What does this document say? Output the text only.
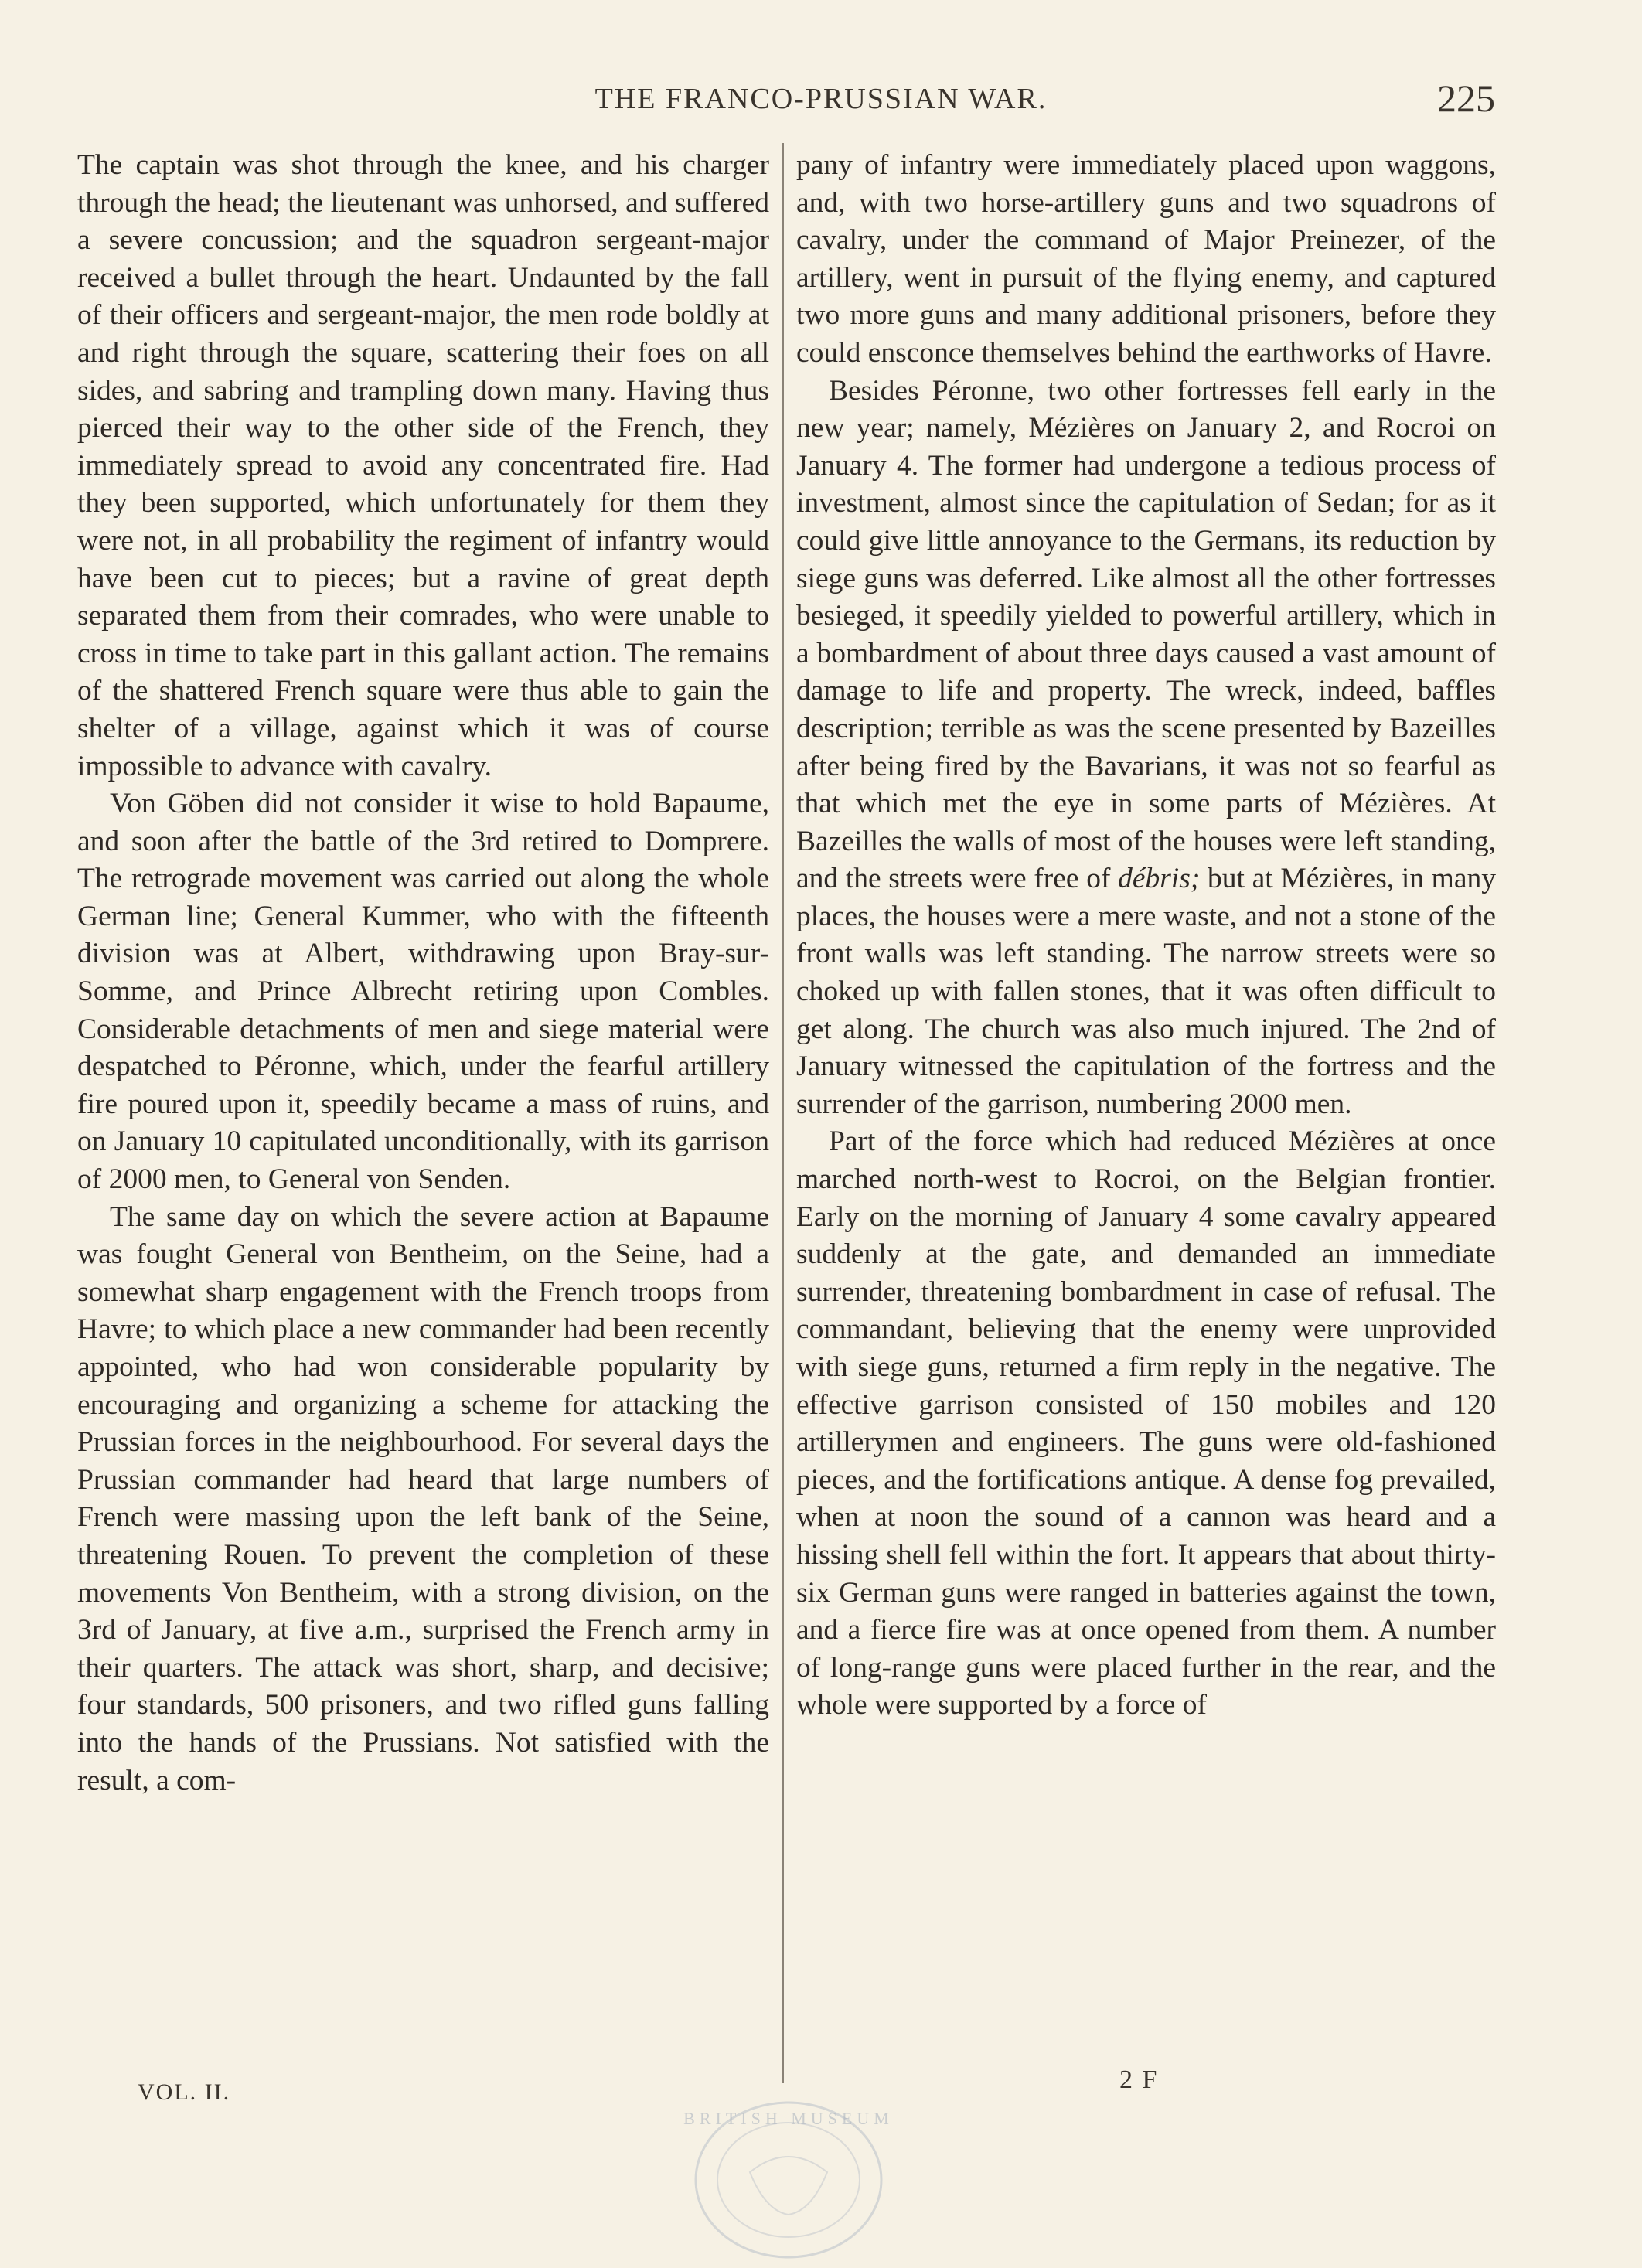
THE FRANCO-PRUSSIAN WAR.	225

The captain was shot through the knee, and his charger through the head; the lieutenant was unhorsed, and suffered a severe concussion; and the squadron sergeant-major received a bullet through the heart. Undaunted by the fall of their officers and sergeant-major, the men rode boldly at and right through the square, scattering their foes on all sides, and sabring and trampling down many. Having thus pierced their way to the other side of the French, they immediately spread to avoid any concentrated fire. Had they been supported, which unfortunately for them they were not, in all probability the regiment of infantry would have been cut to pieces; but a ravine of great depth separated them from their comrades, who were unable to cross in time to take part in this gallant action. The remains of the shattered French square were thus able to gain the shelter of a village, against which it was of course impossible to advance with cavalry.

Von Göben did not consider it wise to hold Bapaume, and soon after the battle of the 3rd retired to Domprere. The retrograde movement was carried out along the whole German line; General Kummer, who with the fifteenth division was at Albert, withdrawing upon Bray-sur-Somme, and Prince Albrecht retiring upon Combles. Considerable detachments of men and siege material were despatched to Péronne, which, under the fearful artillery fire poured upon it, speedily became a mass of ruins, and on January 10 capitulated unconditionally, with its garrison of 2000 men, to General von Senden.

The same day on which the severe action at Bapaume was fought General von Bentheim, on the Seine, had a somewhat sharp engagement with the French troops from Havre; to which place a new commander had been recently appointed, who had won considerable popularity by encouraging and organizing a scheme for attacking the Prussian forces in the neighbourhood. For several days the Prussian commander had heard that large numbers of French were massing upon the left bank of the Seine, threatening Rouen. To prevent the completion of these movements Von Bentheim, with a strong division, on the 3rd of January, at five a.m., surprised the French army in their quarters. The attack was short, sharp, and decisive; four standards, 500 prisoners, and two rifled guns falling into the hands of the Prussians. Not satisfied with the result, a com-

pany of infantry were immediately placed upon waggons, and, with two horse-artillery guns and two squadrons of cavalry, under the command of Major Preinezer, of the artillery, went in pursuit of the flying enemy, and captured two more guns and many additional prisoners, before they could ensconce themselves behind the earthworks of Havre.

Besides Péronne, two other fortresses fell early in the new year; namely, Mézières on January 2, and Rocroi on January 4. The former had undergone a tedious process of investment, almost since the capitulation of Sedan; for as it could give little annoyance to the Germans, its reduction by siege guns was deferred. Like almost all the other fortresses besieged, it speedily yielded to powerful artillery, which in a bombardment of about three days caused a vast amount of damage to life and property. The wreck, indeed, baffles description; terrible as was the scene presented by Bazeilles after being fired by the Bavarians, it was not so fearful as that which met the eye in some parts of Mézières. At Bazeilles the walls of most of the houses were left standing, and the streets were free of débris; but at Mézières, in many places, the houses were a mere waste, and not a stone of the front walls was left standing. The narrow streets were so choked up with fallen stones, that it was often difficult to get along. The church was also much injured. The 2nd of January witnessed the capitulation of the fortress and the surrender of the garrison, numbering 2000 men.

Part of the force which had reduced Mézières at once marched north-west to Rocroi, on the Belgian frontier. Early on the morning of January 4 some cavalry appeared suddenly at the gate, and demanded an immediate surrender, threatening bombardment in case of refusal. The commandant, believing that the enemy were unprovided with siege guns, returned a firm reply in the negative. The effective garrison consisted of 150 mobiles and 120 artillerymen and engineers. The guns were old-fashioned pieces, and the fortifications antique. A dense fog prevailed, when at noon the sound of a cannon was heard and a hissing shell fell within the fort. It appears that about thirty-six German guns were ranged in batteries against the town, and a fierce fire was at once opened from them. A number of long-range guns were placed further in the rear, and the whole were supported by a force of

VOL. II.	2 F
BRITISH MUSEUM
